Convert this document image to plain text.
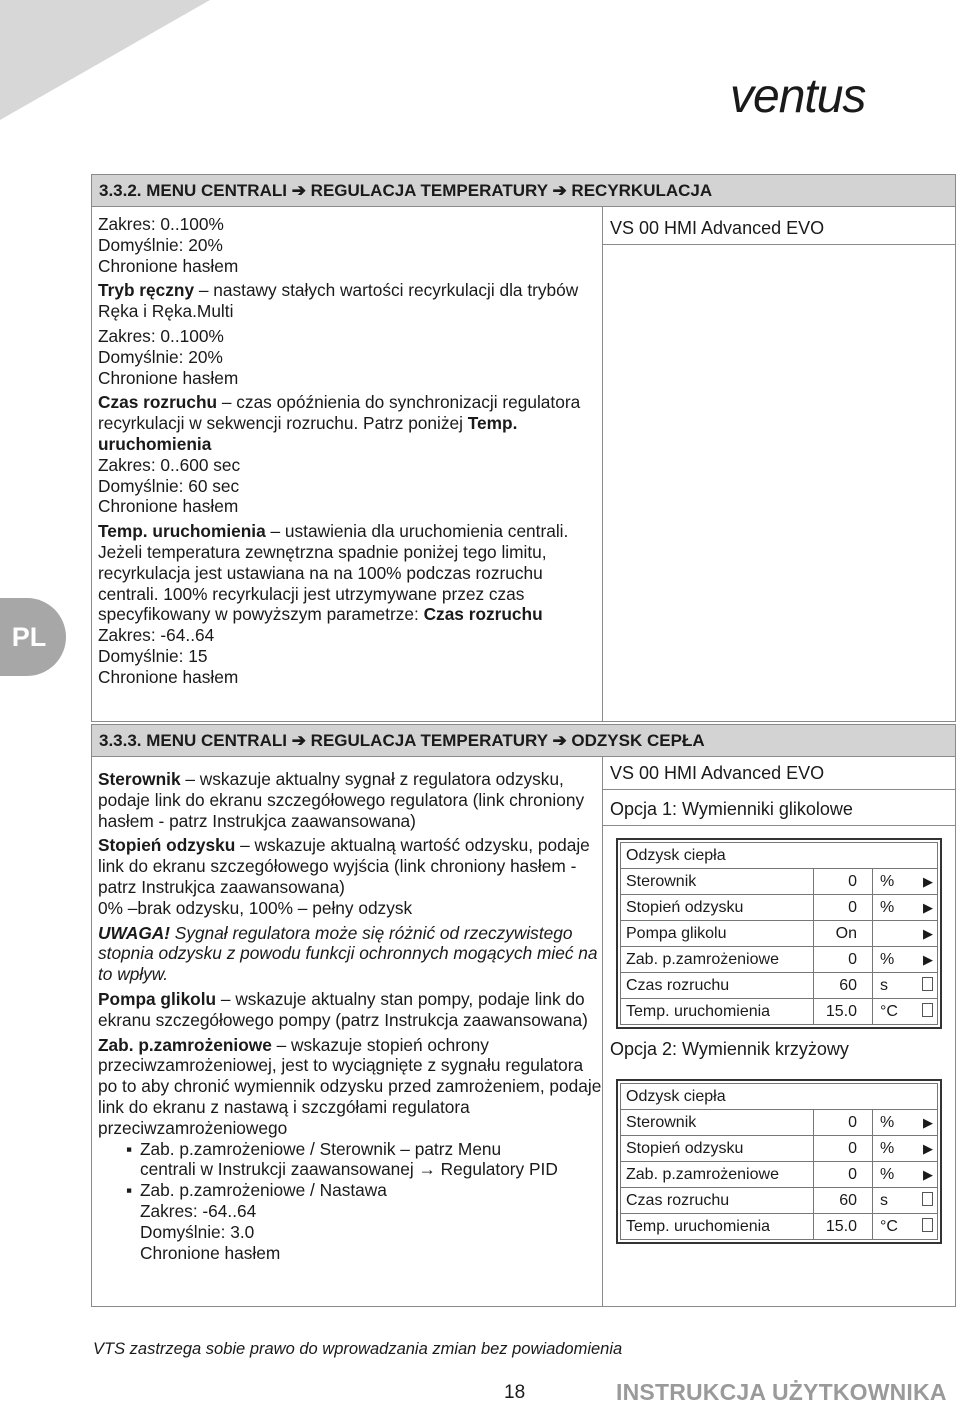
ventus
PL
3.3.2. MENU CENTRALI ➔ REGULACJA TEMPERATURY ➔ RECYRKULACJA
VS 00 HMI Advanced EVO

Zakres: 0..100%

Domyślnie: 20%

Chronione hasłem

Tryb ręczny – nastawy stałych wartości recyrkulacji dla trybów Ręka i Ręka.Multi

Zakres: 0..100%

Domyślnie: 20%

Chronione hasłem

Czas rozruchu – czas opóźnienia do synchronizacji regulatora recyrkulacji w sekwencji rozruchu. Patrz poniżej Temp. uruchomienia

Zakres: 0..600 sec

Domyślnie: 60 sec

Chronione hasłem

Temp. uruchomienia – ustawienia dla uruchomienia centrali. Jeżeli temperatura zewnętrzna spadnie poniżej tego limitu, recyrkulacja jest ustawiana na na 100% podczas rozruchu centrali. 100% recyrkulacji jest utrzymywane przez czas specyfikowany w powyższym parametrze: Czas rozruchu

Zakres: -64..64

Domyślnie: 15

Chronione hasłem

3.3.3. MENU CENTRALI ➔ REGULACJA TEMPERATURY ➔ ODZYSK CEPŁA
VS 00 HMI Advanced EVO
Opcja 1: Wymienniki glikolowe

Sterownik – wskazuje aktualny sygnał z regulatora odzysku, podaje link do ekranu szczegółowego regulatora (link chroniony hasłem - patrz Instrukjca zaawansowana)

Stopień odzysku – wskazuje aktualną wartość odzysku, podaje link do ekranu szczegółowego wyjścia (link chroniony hasłem - patrz Instrukjca zaawansowana)

0% –brak odzysku, 100% – pełny odzysk

UWAGA! Sygnał regulatora może się różnić od rzeczywistego stopnia odzysku z powodu funkcji ochronnych mogących mieć na to wpływ.

Pompa glikolu – wskazuje aktualny stan pompy, podaje link do ekranu szczegółowego pompy (patrz Instrukcja zaawansowana)

Zab. p.zamrożeniowe – wskazuje stopień ochrony przeciwzamrożeniowej, jest to wyciągnięte z sygnału regulatora po to aby chronić wymiennik odzysku przed zamrożeniem, podaje link do ekranu z nastawą i szczgółami regulatora przeciwzamrożeniowego

▪ Zab. p.zamrożeniowe / Sterownik – patrz Menu

centrali w Instrukcji zaawansowanej → Regulatory PID

▪ Zab. p.zamrożeniowe / Nastawa

Zakres: -64..64

Domyślnie: 3.0

Chronione hasłem

Odzysk ciepła
Sterownik	0 % ▶
Stopień odzysku	0 % ▶
Pompa glikolu	On	▶
Zab. p.zamrożeniowe	0 % ▶
Czas rozruchu	60 s
Temp. uruchomienia	15.0 °C
Opcja 2: Wymiennik krzyżowy
Odzysk ciepła
Sterownik	0 % ▶
Stopień odzysku	0 % ▶
Zab. p.zamrożeniowe	0 % ▶
Czas rozruchu	60 s
Temp. uruchomienia	15.0 °C
VTS zastrzega sobie prawo do wprowadzania zmian bez powiadomienia
18	INSTRUKCJA UŻYTKOWNIKA
